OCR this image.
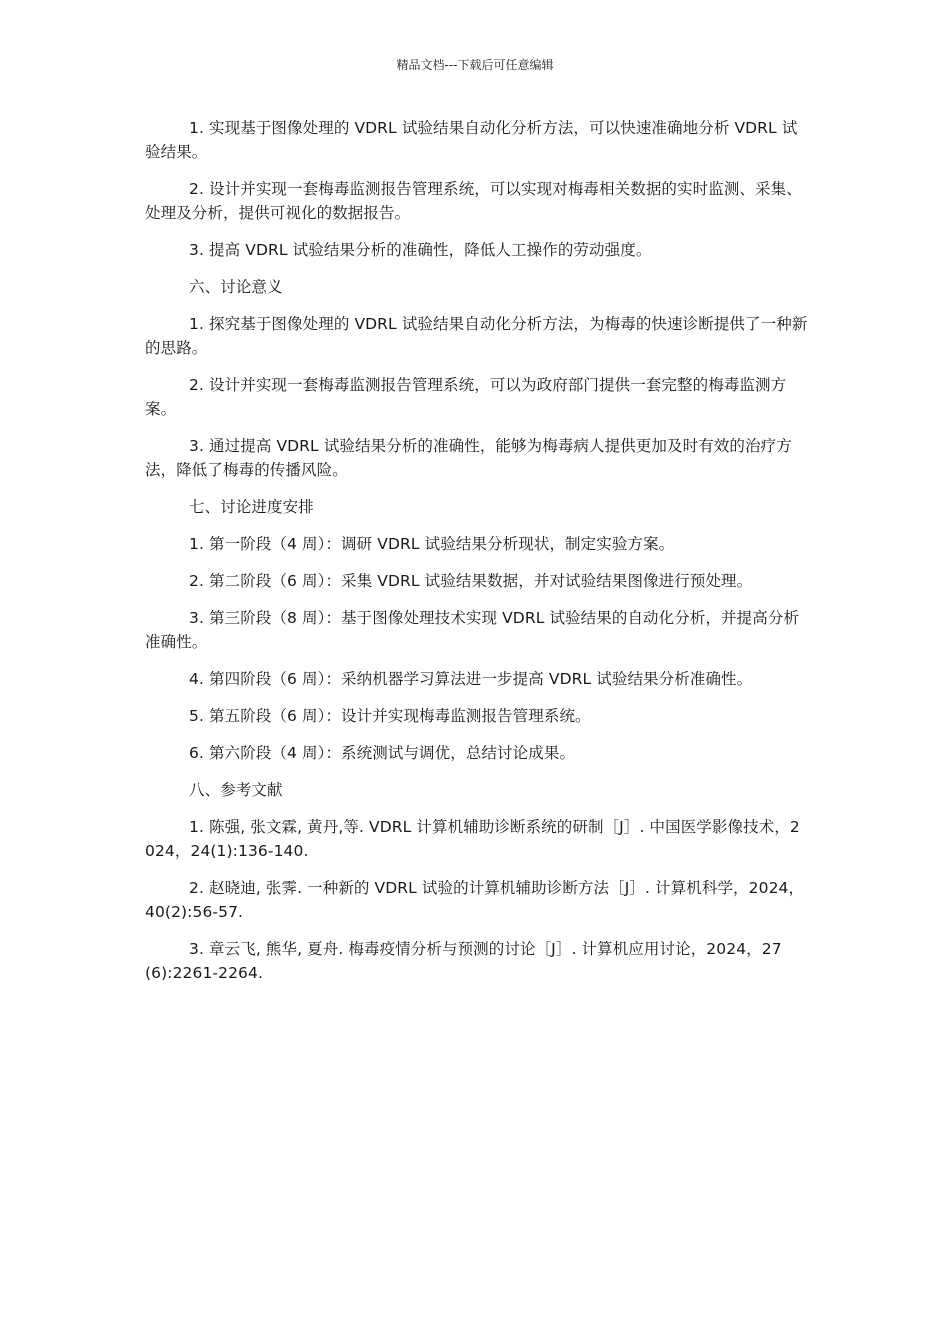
精品文档---下载后可任意编辑

1. 实现基于图像处理的 VDRL 试验结果自动化分析方法，可以快速准确地分析 VDRL 试验结果。

2. 设计并实现一套梅毒监测报告管理系统，可以实现对梅毒相关数据的实时监测、采集、处理及分析，提供可视化的数据报告。

3. 提高 VDRL 试验结果分析的准确性，降低人工操作的劳动强度。

六、讨论意义

1. 探究基于图像处理的 VDRL 试验结果自动化分析方法，为梅毒的快速诊断提供了一种新的思路。

2. 设计并实现一套梅毒监测报告管理系统，可以为政府部门提供一套完整的梅毒监测方案。

3. 通过提高 VDRL 试验结果分析的准确性，能够为梅毒病人提供更加及时有效的治疗方法，降低了梅毒的传播风险。

七、讨论进度安排

1. 第一阶段（4 周）：调研 VDRL 试验结果分析现状，制定实验方案。

2. 第二阶段（6 周）：采集 VDRL 试验结果数据，并对试验结果图像进行预处理。

3. 第三阶段（8 周）：基于图像处理技术实现 VDRL 试验结果的自动化分析，并提高分析准确性。

4. 第四阶段（6 周）：采纳机器学习算法进一步提高 VDRL 试验结果分析准确性。

5. 第五阶段（6 周）：设计并实现梅毒监测报告管理系统。

6. 第六阶段（4 周）：系统测试与调优，总结讨论成果。

八、参考文献

1. 陈强, 张文霖, 黄丹,等. VDRL 计算机辅助诊断系统的研制［J］. 中国医学影像技术，2024，24(1):136-140.

2. 赵晓迪, 张霁. 一种新的 VDRL 试验的计算机辅助诊断方法［J］. 计算机科学，2024，40(2):56-57.

3. 章云飞, 熊华, 夏舟. 梅毒疫情分析与预测的讨论［J］. 计算机应用讨论，2024，27(6):2261-2264.
